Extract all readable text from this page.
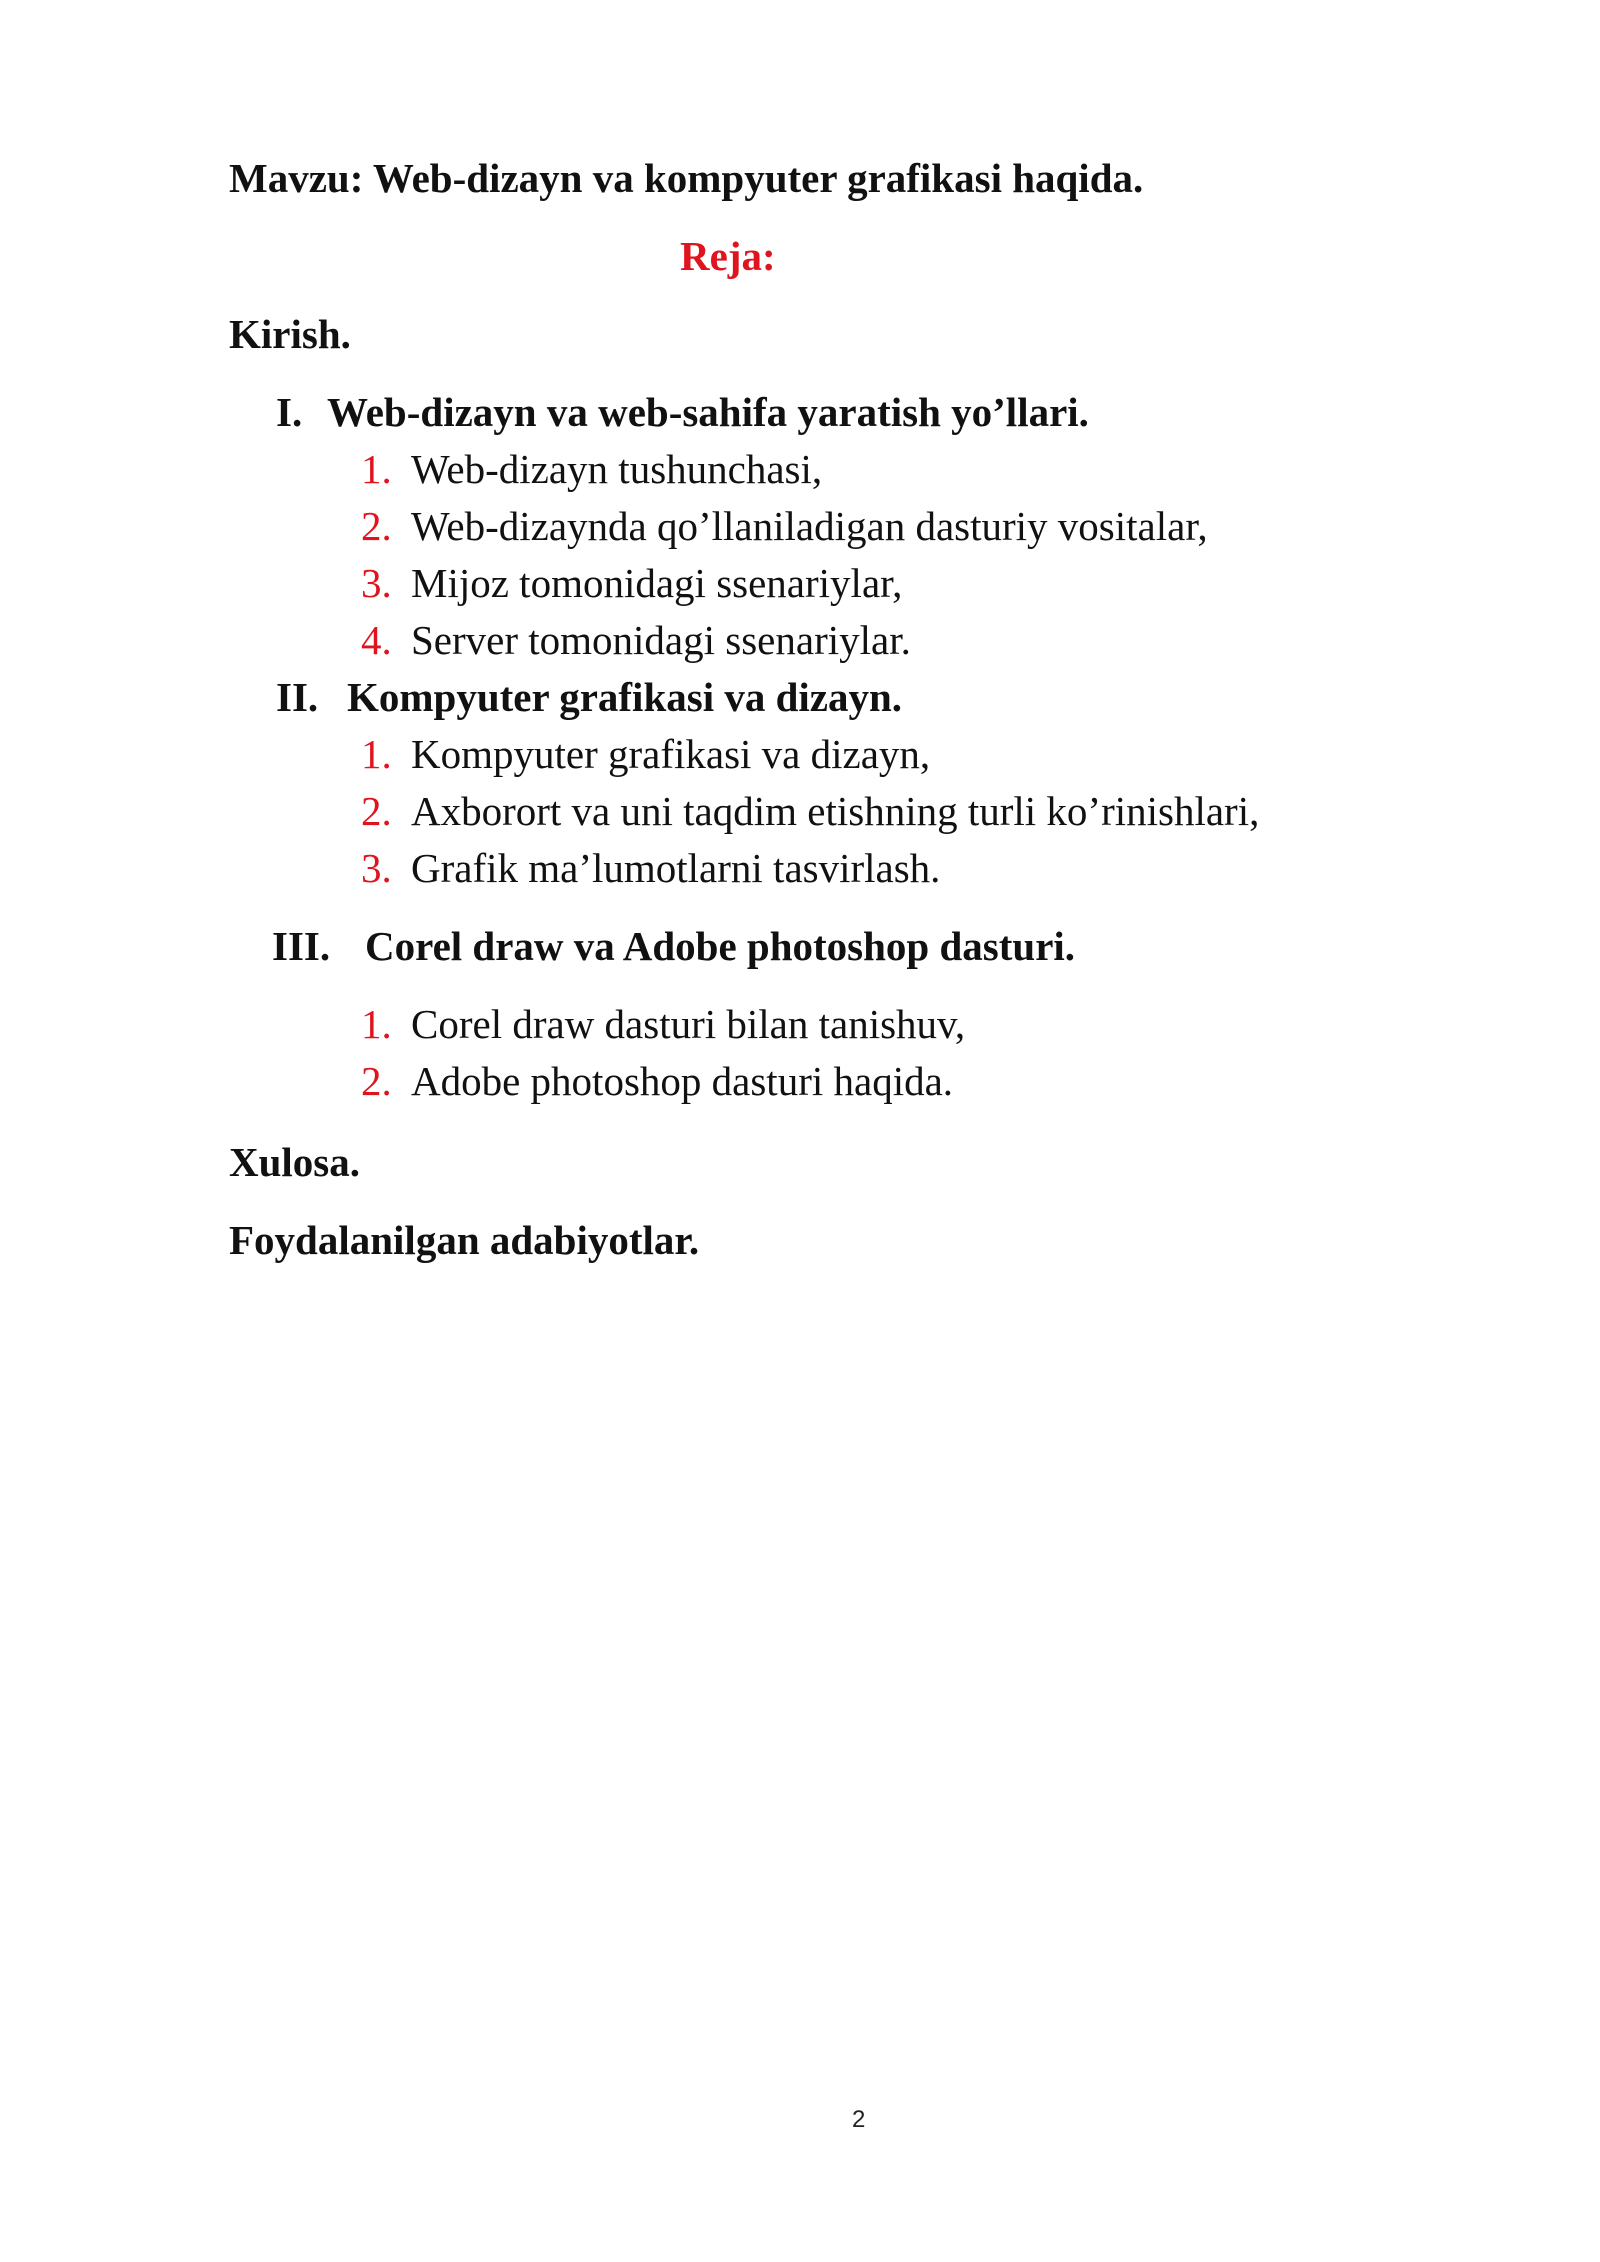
Mavzu: Web-dizayn va kompyuter grafikasi haqida.
Reja:
Kirish.
I. Web-dizayn va web-sahifa yaratish yo’llari.
1. Web-dizayn tushunchasi,
2. Web-dizaynda qo’llaniladigan dasturiy vositalar,
3. Mijoz tomonidagi ssenariylar,
4. Server tomonidagi ssenariylar.
II. Kompyuter grafikasi va dizayn.
1. Kompyuter grafikasi va dizayn,
2. Axborort va uni taqdim etishning turli ko’rinishlari,
3. Grafik ma’lumotlarni tasvirlash.
III. Corel draw va Adobe photoshop dasturi.
1. Corel draw dasturi bilan tanishuv,
2. Adobe photoshop dasturi haqida.
Xulosa.
Foydalanilgan adabiyotlar.
2
